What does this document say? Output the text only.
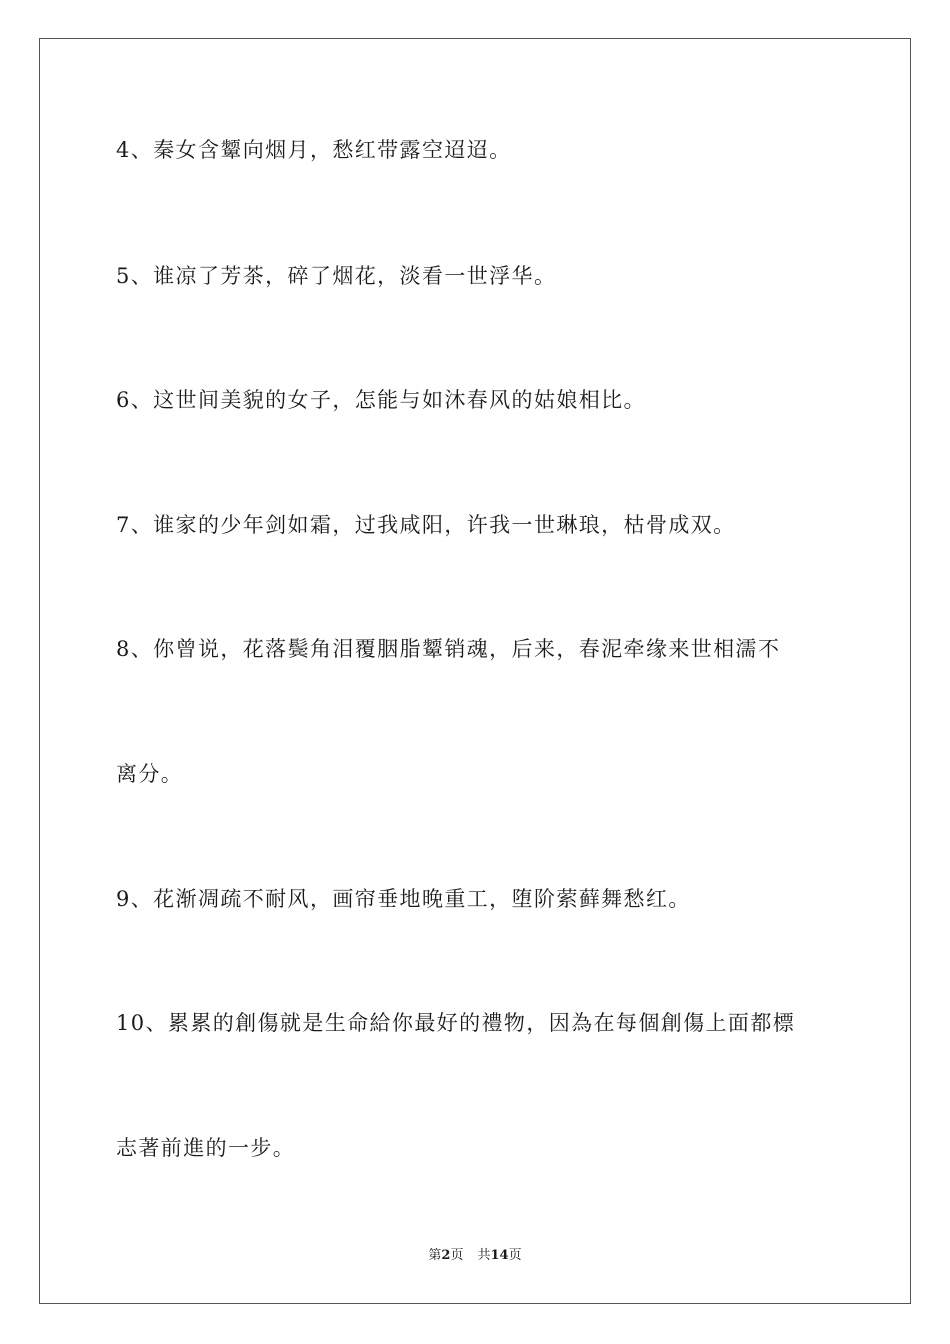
4、秦女含颦向烟月，愁红带露空迢迢。
5、谁凉了芳茶，碎了烟花，淡看一世浮华。
6、这世间美貌的女子，怎能与如沐春风的姑娘相比。
7、谁家的少年剑如霜，过我咸阳，许我一世琳琅，枯骨成双。
8、你曾说，花落鬓角泪覆胭脂颦销魂，后来，春泥牵缘来世相濡不
离分。
9、花渐凋疏不耐风，画帘垂地晚重工，堕阶萦藓舞愁红。
10、累累的創傷就是生命給你最好的禮物，因為在每個創傷上面都標
志著前進的一步。
第2页 共14页
